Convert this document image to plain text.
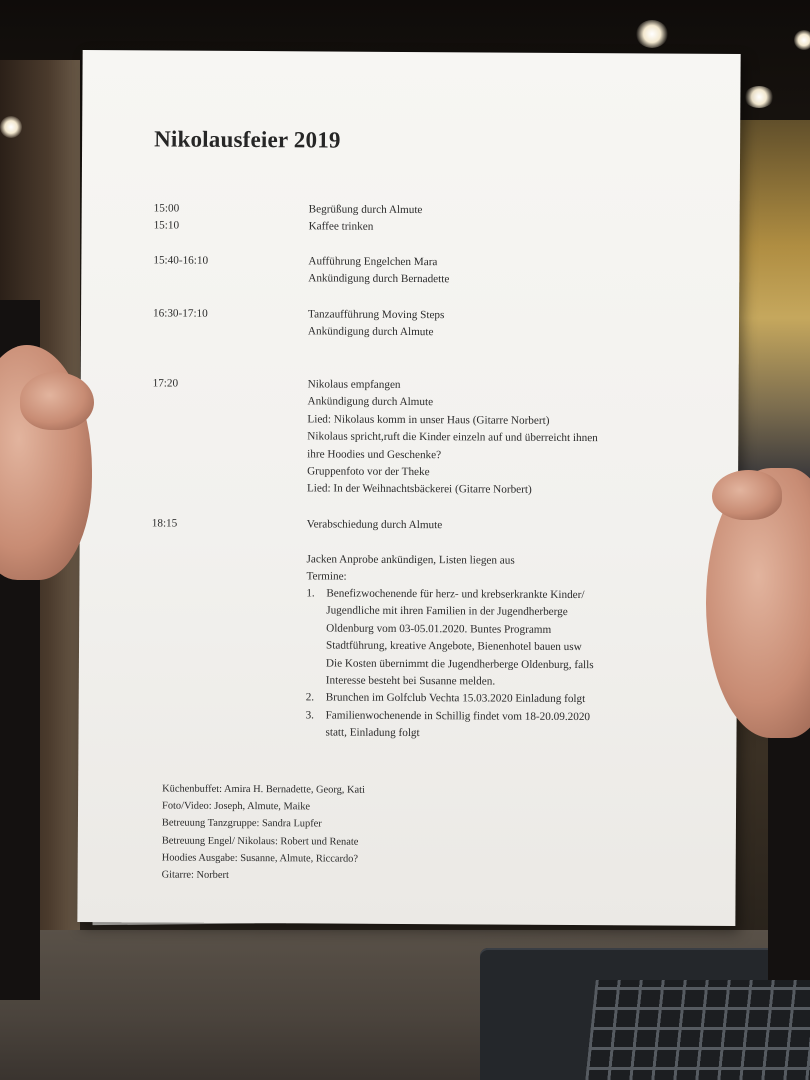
Nikolausfeier 2019
15:00	Begrüßung durch Almute
15:10	Kaffee trinken
15:40-16:10	Aufführung Engelchen Mara
Ankündigung durch Bernadette
16:30-17:10	Tanzaufführung Moving Steps
Ankündigung durch Almute
17:20	Nikolaus empfangen
Ankündigung durch Almute
Lied: Nikolaus komm in unser Haus (Gitarre Norbert)
Nikolaus spricht,ruft die Kinder einzeln auf und überreicht ihnen
ihre Hoodies und Geschenke?
Gruppenfoto vor der Theke
Lied: In der Weihnachtsbäckerei (Gitarre Norbert)
18:15	Verabschiedung durch Almute
Jacken Anprobe ankündigen, Listen liegen aus
Termine:
1. Benefizwochenende für herz- und krebserkrankte Kinder/
Jugendliche mit ihren Familien in der Jugendherberge
Oldenburg vom 03-05.01.2020. Buntes Programm
Stadtführung, kreative Angebote, Bienenhotel bauen usw
Die Kosten übernimmt die Jugendherberge Oldenburg, falls
Interesse besteht bei Susanne melden.
2. Brunchen im Golfclub Vechta 15.03.2020 Einladung folgt
3. Familienwochenende in Schillig findet vom 18-20.09.2020
statt, Einladung folgt
Küchenbuffet: Amira H. Bernadette, Georg, Kati
Foto/Video: Joseph, Almute, Maike
Betreuung Tanzgruppe: Sandra Lupfer
Betreuung Engel/ Nikolaus: Robert und Renate
Hoodies Ausgabe: Susanne, Almute, Riccardo?
Gitarre: Norbert
